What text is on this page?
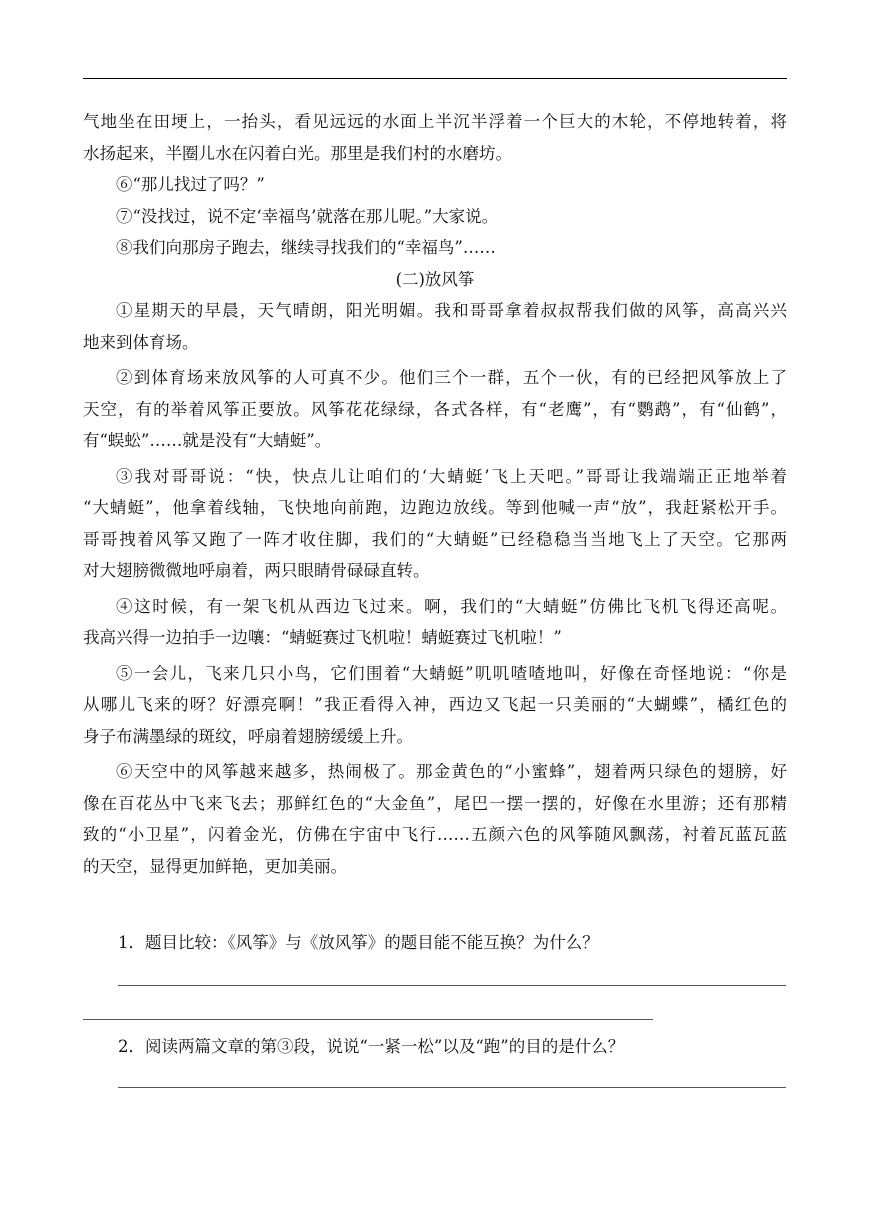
气地坐在田埂上，一抬头，看见远远的水面上半沉半浮着一个巨大的木轮，不停地转着，将
水扬起来，半圈儿水在闪着白光。那里是我们村的水磨坊。
⑥“那儿找过了吗？”
⑦“没找过，说不定‘幸福鸟’就落在那儿呢。”大家说。
⑧我们向那房子跑去，继续寻找我们的“幸福鸟”……
(二)放风筝
①星期天的早晨，天气晴朗，阳光明媚。我和哥哥拿着叔叔帮我们做的风筝，高高兴兴
地来到体育场。
②到体育场来放风筝的人可真不少。他们三个一群，五个一伙，有的已经把风筝放上了
天空，有的举着风筝正要放。风筝花花绿绿，各式各样，有“老鹰”，有“鹦鹉”，有“仙鹤”，
有“蜈蚣”……就是没有“大蜻蜓”。
③我对哥哥说：“快，快点儿让咱们的‘大蜻蜓’飞上天吧。”哥哥让我端端正正地举着
“大蜻蜓”，他拿着线轴，飞快地向前跑，边跑边放线。等到他喊一声“放”，我赶紧松开手。
哥哥拽着风筝又跑了一阵才收住脚，我们的“大蜻蜓”已经稳稳当当地飞上了天空。它那两
对大翅膀微微地呼扇着，两只眼睛骨碌碌直转。
④这时候，有一架飞机从西边飞过来。啊，我们的“大蜻蜓”仿佛比飞机飞得还高呢。
我高兴得一边拍手一边嚷：“蜻蜓赛过飞机啦！蜻蜓赛过飞机啦！”
⑤一会儿，飞来几只小鸟，它们围着“大蜻蜓”叽叽喳喳地叫，好像在奇怪地说：“你是
从哪儿飞来的呀？好漂亮啊！”我正看得入神，西边又飞起一只美丽的“大蝴蝶”，橘红色的
身子布满墨绿的斑纹，呼扇着翅膀缓缓上升。
⑥天空中的风筝越来越多，热闹极了。那金黄色的“小蜜蜂”，翅着两只绿色的翅膀，好
像在百花丛中飞来飞去；那鲜红色的“大金鱼”，尾巴一摆一摆的，好像在水里游；还有那精
致的“小卫星”，闪着金光，仿佛在宇宙中飞行……五颜六色的风筝随风飘荡，衬着瓦蓝瓦蓝
的天空，显得更加鲜艳，更加美丽。
1．题目比较：《风筝》与《放风筝》的题目能不能互换？为什么？
2．阅读两篇文章的第③段，说说“一紧一松”以及“跑”的目的是什么？
